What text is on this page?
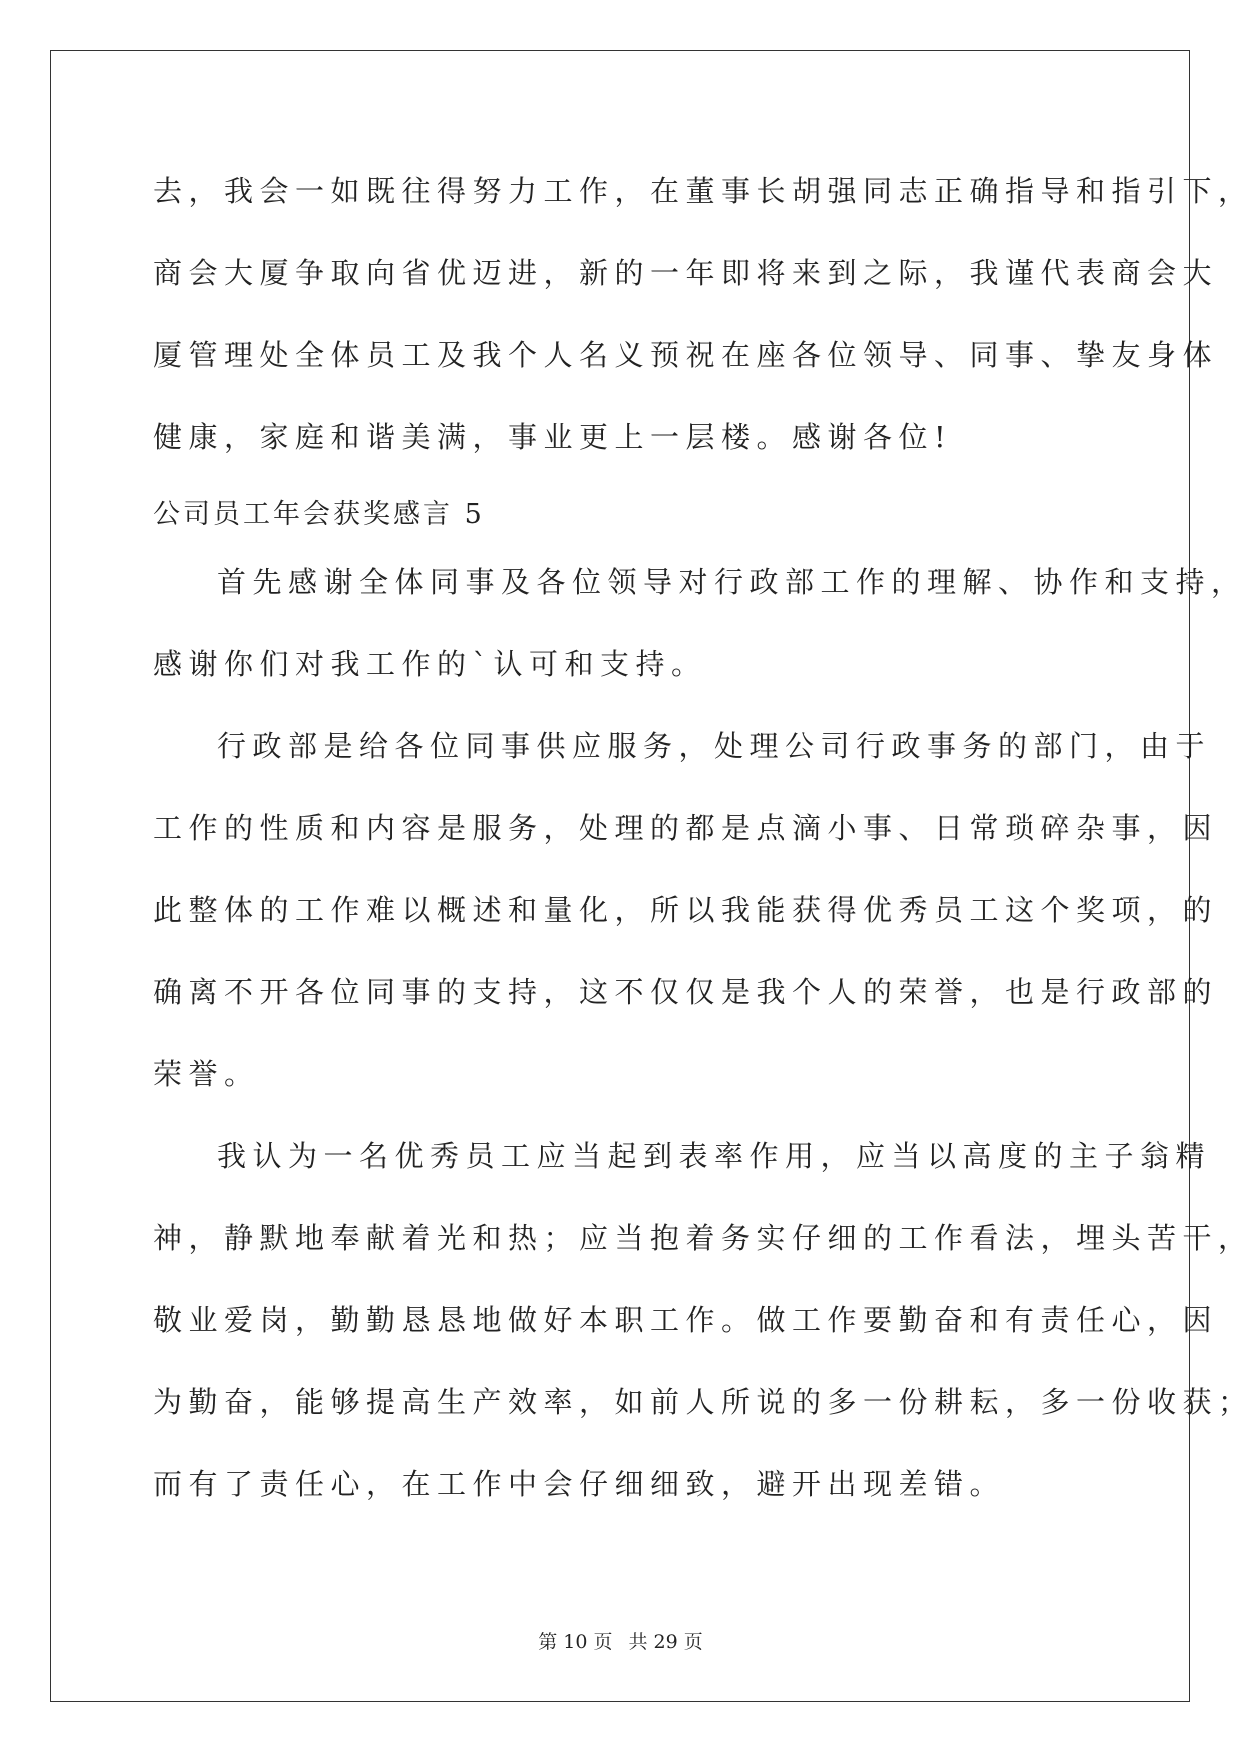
去，我会一如既往得努力工作，在董事长胡强同志正确指导和指引下，
商会大厦争取向省优迈进，新的一年即将来到之际，我谨代表商会大
厦管理处全体员工及我个人名义预祝在座各位领导、同事、挚友身体
健康，家庭和谐美满，事业更上一层楼。感谢各位!
公司员工年会获奖感言 5
首先感谢全体同事及各位领导对行政部工作的理解、协作和支持，
感谢你们对我工作的`认可和支持。
行政部是给各位同事供应服务，处理公司行政事务的部门，由于
工作的性质和内容是服务，处理的都是点滴小事、日常琐碎杂事，因
此整体的工作难以概述和量化，所以我能获得优秀员工这个奖项，的
确离不开各位同事的支持，这不仅仅是我个人的荣誉，也是行政部的
荣誉。
我认为一名优秀员工应当起到表率作用，应当以高度的主子翁精
神，静默地奉献着光和热；应当抱着务实仔细的工作看法，埋头苦干，
敬业爱岗，勤勤恳恳地做好本职工作。做工作要勤奋和有责任心，因
为勤奋，能够提高生产效率，如前人所说的多一份耕耘，多一份收获；
而有了责任心，在工作中会仔细细致，避开出现差错。
第 10 页 共 29 页
